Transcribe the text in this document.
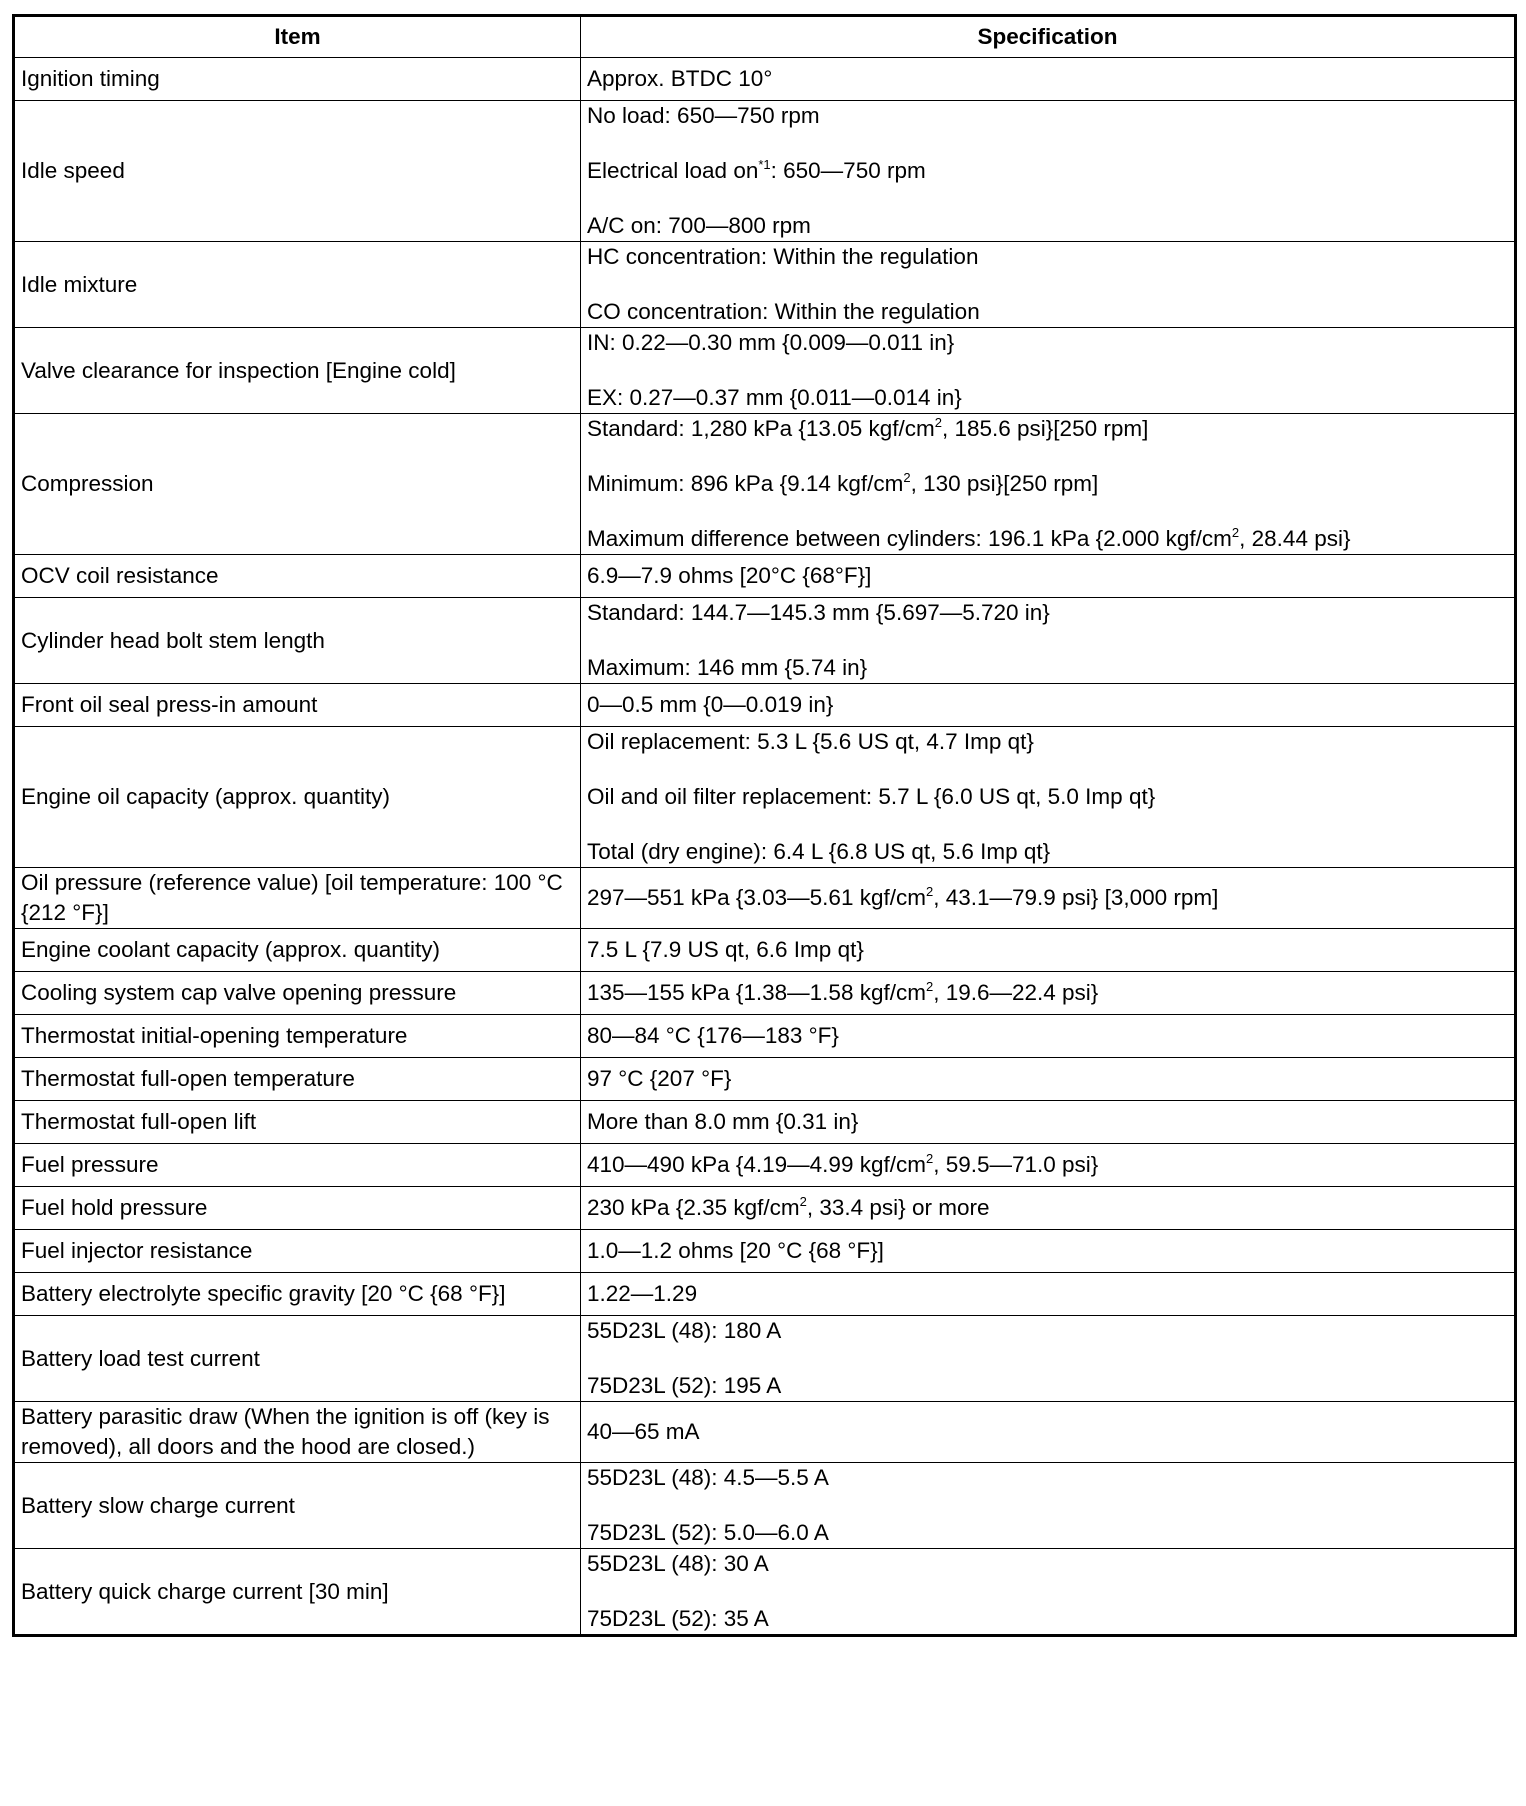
Item	Specification
Ignition timing	Approx. BTDC 10°

Idle speed	No load: 650—750 rpm
Electrical load $on^{*1}$: 650—750 rpm
A/C on: 700—800 rpm

Idle mixture	HC concentration: Within the regulation
CO concentration: Within the regulation

Valve clearance for inspection [Engine cold]	IN: 0.22—0.30 mm {0.009—0.011 in}
EX: 0.27—0.37 mm {0.011—0.014 in}

Compression	Standard: 1,280 kPa {13.05 kgf/$cm^2$, 185.6 psi}[250 rpm]
Minimum: 896 kPa {9.14 kgf/$cm^2$, 130 psi}[250 rpm]
Maximum difference between cylinders: 196.1 kPa {2.000 kgf/$cm^2$, 28.44 psi}

OCV coil resistance	6.9—7.9 ohms [20°C {68°F}]

Cylinder head bolt stem length	Standard: 144.7—145.3 mm {5.697—5.720 in}
Maximum: 146 mm {5.74 in}

Front oil seal press-in amount	0—0.5 mm {0—0.019 in}

Engine oil capacity (approx. quantity)	Oil replacement: 5.3 L {5.6 US qt, 4.7 Imp qt}
Oil and oil filter replacement: 5.7 L {6.0 US qt, 5.0 Imp qt}
Total (dry engine): 6.4 L {6.8 US qt, 5.6 Imp qt}

Oil pressure (reference value) [oil temperature: 100 °C {212 °F}]	297—551 kPa {3.03—5.61 kgf/$cm^2$, 43.1—79.9 psi} [3,000 rpm]

Engine coolant capacity (approx. quantity)	7.5 L {7.9 US qt, 6.6 Imp qt}

Cooling system cap valve opening pressure	135—155 kPa {1.38—1.58 kgf/$cm^2$, 19.6—22.4 psi}

Thermostat initial-opening temperature	80—84 °C {176—183 °F}

Thermostat full-open temperature	97 °C {207 °F}

Thermostat full-open lift	More than 8.0 mm {0.31 in}

Fuel pressure	410—490 kPa {4.19—4.99 kgf/$cm^2$, 59.5—71.0 psi}

Fuel hold pressure	230 kPa {2.35 kgf/$cm^2$, 33.4 psi} or more

Fuel injector resistance	1.0—1.2 ohms [20 °C {68 °F}]

Battery electrolyte specific gravity [20 °C {68 °F}]	1.22—1.29

Battery load test current	55D23L (48): 180 A
75D23L (52): 195 A

Battery parasitic draw (When the ignition is off (key is removed), all doors and the hood are closed.)	40—65 mA

Battery slow charge current	55D23L (48): 4.5—5.5 A
75D23L (52): 5.0—6.0 A

Battery quick charge current [30 min]	55D23L (48): 30 A
75D23L (52): 35 A
